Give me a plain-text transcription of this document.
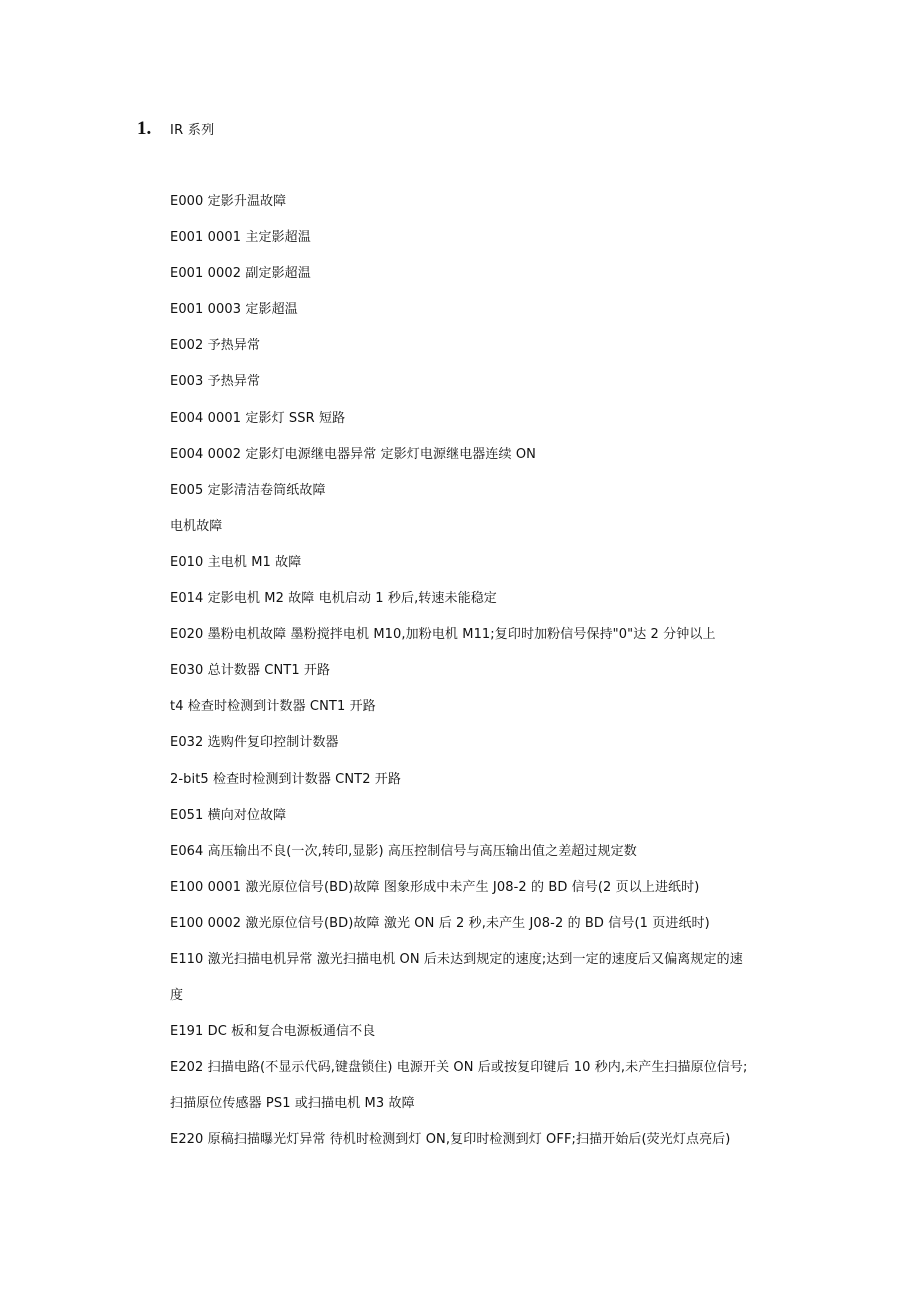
1.	IR 系列
E000 定影升温故障
E001 0001 主定影超温
E001 0002 副定影超温
E001 0003 定影超温
E002 予热异常
E003 予热异常
E004 0001 定影灯 SSR 短路
E004 0002 定影灯电源继电器异常 定影灯电源继电器连续 ON
E005 定影清洁卷筒纸故障
电机故障
E010 主电机 M1 故障
E014 定影电机 M2 故障 电机启动 1 秒后,转速未能稳定
E020 墨粉电机故障 墨粉搅拌电机 M10,加粉电机 M11;复印时加粉信号保持"0"达 2 分钟以上
E030 总计数器 CNT1 开路
t4 检查时检测到计数器 CNT1 开路
E032 选购件复印控制计数器
2-bit5 检查时检测到计数器 CNT2 开路
E051 横向对位故障
E064 高压输出不良(一次,转印,显影) 高压控制信号与高压输出值之差超过规定数
E100 0001 激光原位信号(BD)故障 图象形成中未产生 J08-2 的 BD 信号(2 页以上进纸时)
E100 0002 激光原位信号(BD)故障 激光 ON 后 2 秒,未产生 J08-2 的 BD 信号(1 页进纸时)
E110 激光扫描电机异常 激光扫描电机 ON 后未达到规定的速度;达到一定的速度后又偏离规定的速
度
E191 DC 板和复合电源板通信不良
E202 扫描电路(不显示代码,键盘锁住) 电源开关 ON 后或按复印键后 10 秒内,未产生扫描原位信号;
扫描原位传感器 PS1 或扫描电机 M3 故障
E220 原稿扫描曝光灯异常 待机时检测到灯 ON,复印时检测到灯 OFF;扫描开始后(荧光灯点亮后)
